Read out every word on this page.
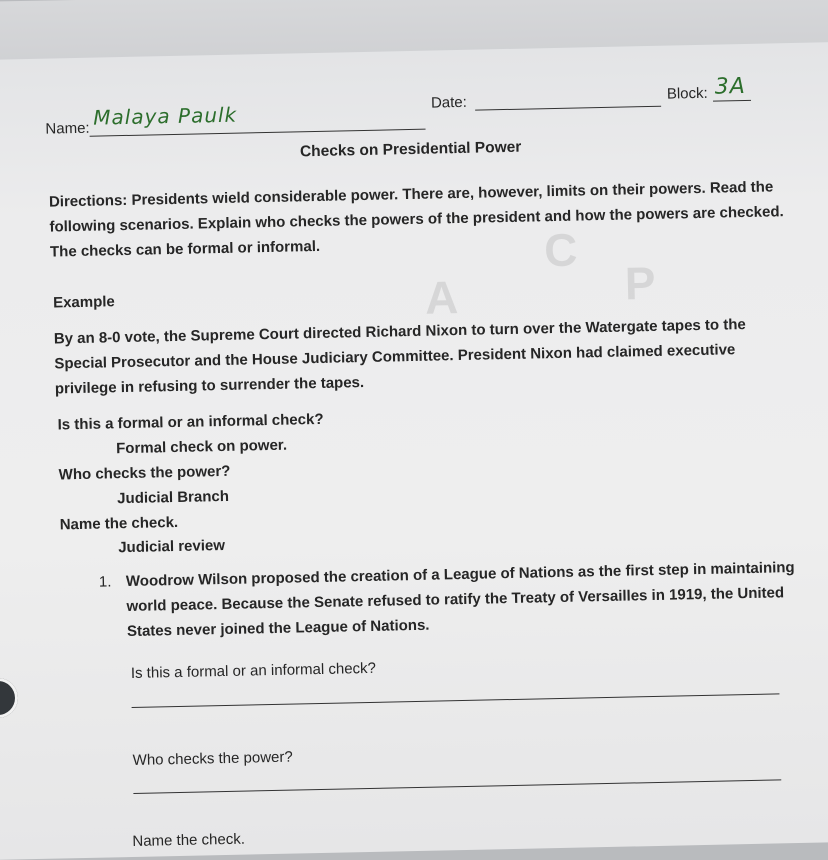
C
A	P
Name: Malaya Paulk	Date:
Block: 3A
Checks on Presidential Power
Directions: Presidents wield considerable power. There are, however, limits on their powers. Read the
following scenarios. Explain who checks the powers of the president and how the powers are checked.
The checks can be formal or informal.
Example
By an 8-0 vote, the Supreme Court directed Richard Nixon to turn over the Watergate tapes to the
Special Prosecutor and the House Judiciary Committee. President Nixon had claimed executive
privilege in refusing to surrender the tapes.
Is this a formal or an informal check?
Formal check on power.
Who checks the power?
Judicial Branch
Name the check.
Judicial review
1. Woodrow Wilson proposed the creation of a League of Nations as the first step in maintaining
world peace. Because the Senate refused to ratify the Treaty of Versailles in 1919, the United
States never joined the League of Nations.
Is this a formal or an informal check?
Who checks the power?
Name the check.
